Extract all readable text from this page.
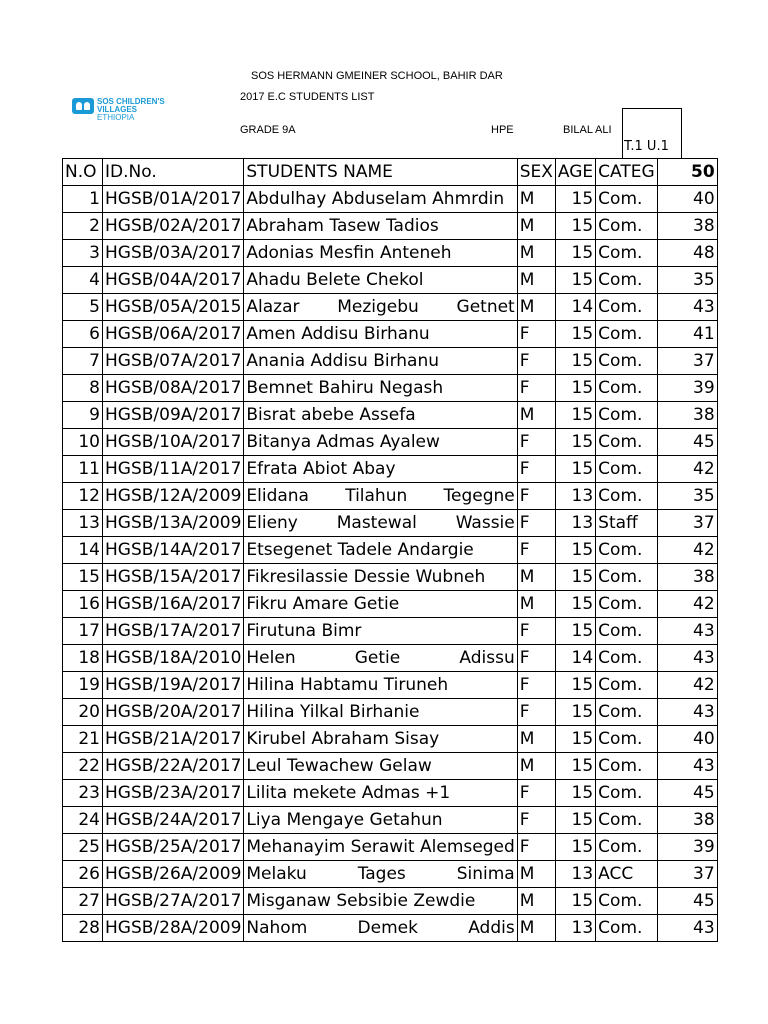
SOS CHILDREN'S
VILLAGES
ETHIOPIA
SOS HERMANN GMEINER SCHOOL, BAHIR DAR
2017 E.C STUDENTS LIST
GRADE 9A	HPE	BILAL ALI
T.1 U.1
N.O	ID.No.	STUDENTS NAME	SEX	AGE	CATEG	50
1	HGSB/01A/2017	Abdulhay Abduselam Ahmrdin	M	15	Com.	40
2	HGSB/02A/2017	Abraham Tasew Tadios	M	15	Com.	38
3	HGSB/03A/2017	Adonias Mesfin Anteneh	M	15	Com.	48
4	HGSB/04A/2017	Ahadu Belete Chekol	M	15	Com.	35
5	HGSB/05A/2015	Alazar Mezigebu Getnet	M	14	Com.	43
6	HGSB/06A/2017	Amen Addisu Birhanu	F	15	Com.	41
7	HGSB/07A/2017	Anania Addisu Birhanu	F	15	Com.	37
8	HGSB/08A/2017	Bemnet Bahiru Negash	F	15	Com.	39
9	HGSB/09A/2017	Bisrat abebe Assefa	M	15	Com.	38
10	HGSB/10A/2017	Bitanya Admas Ayalew	F	15	Com.	45
11	HGSB/11A/2017	Efrata Abiot Abay	F	15	Com.	42
12	HGSB/12A/2009	Elidana Tilahun Tegegne	F	13	Com.	35
13	HGSB/13A/2009	Elieny Mastewal Wassie	F	13	Staff	37
14	HGSB/14A/2017	Etsegenet Tadele Andargie	F	15	Com.	42
15	HGSB/15A/2017	Fikresilassie Dessie Wubneh	M	15	Com.	38
16	HGSB/16A/2017	Fikru Amare Getie	M	15	Com.	42
17	HGSB/17A/2017	Firutuna Bimr	F	15	Com.	43
18	HGSB/18A/2010	Helen Getie Adissu	F	14	Com.	43
19	HGSB/19A/2017	Hilina Habtamu Tiruneh	F	15	Com.	42
20	HGSB/20A/2017	Hilina Yilkal Birhanie	F	15	Com.	43
21	HGSB/21A/2017	Kirubel Abraham Sisay	M	15	Com.	40
22	HGSB/22A/2017	Leul Tewachew Gelaw	M	15	Com.	43
23	HGSB/23A/2017	Lilita mekete Admas +1	F	15	Com.	45
24	HGSB/24A/2017	Liya Mengaye Getahun	F	15	Com.	38
25	HGSB/25A/2017	Mehanayim Serawit Alemseged	F	15	Com.	39
26	HGSB/26A/2009	Melaku Tages Sinima	M	13	ACC	37
27	HGSB/27A/2017	Misganaw Sebsibie Zewdie	M	15	Com.	45
28	HGSB/28A/2009	Nahom Demek Addis	M	13	Com.	43
